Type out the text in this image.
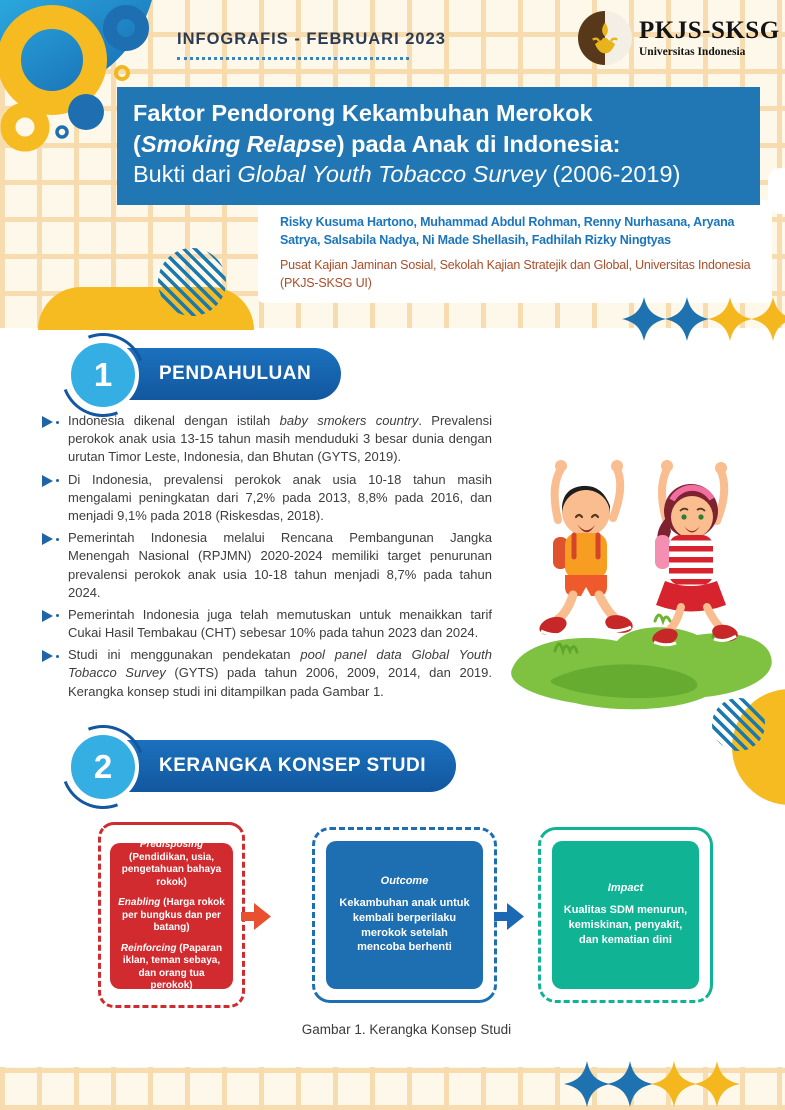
INFOGRAFIS - FEBRUARI 2023	PKJS-SKSG
Universitas Indonesia
Faktor Pendorong Kekambuhan Merokok
(Smoking Relapse) pada Anak di Indonesia:
Bukti dari Global Youth Tobacco Survey (2006-2019)
Risky Kusuma Hartono, Muhammad Abdul Rohman, Renny Nurhasana, Aryana Satrya, Salsabila Nadya, Ni Made Shellasih, Fadhilah Rizky Ningtyas
Pusat Kajian Jaminan Sosial, Sekolah Kajian Stratejik dan Global, Universitas Indonesia (PKJS-SKSG UI)
PENDAHULUAN
1
Indonesia dikenal dengan istilah baby smokers country. Prevalensi perokok anak usia 13-15 tahun masih menduduki 3 besar dunia dengan urutan Timor Leste, Indonesia, dan Bhutan (GYTS, 2019).
Di Indonesia, prevalensi perokok anak usia 10-18 tahun masih mengalami peningkatan dari 7,2% pada 2013, 8,8% pada 2016, dan menjadi 9,1% pada 2018 (Riskesdas, 2018).
Pemerintah Indonesia melalui Rencana Pembangunan Jangka Menengah Nasional (RPJMN) 2020-2024 memiliki target penurunan prevalensi perokok anak usia 10-18 tahun menjadi 8,7% pada tahun 2024.
Pemerintah Indonesia juga telah memutuskan untuk menaikkan tarif Cukai Hasil Tembakau (CHT) sebesar 10% pada tahun 2023 dan 2024.
Studi ini menggunakan pendekatan pool panel data Global Youth Tobacco Survey (GYTS) pada tahun 2006, 2009, 2014, dan 2019. Kerangka konsep studi ini ditampilkan pada Gambar 1.
KERANGKA KONSEP STUDI
2
Predisposing (Pendidikan, usia, pengetahuan bahaya rokok)
Enabling (Harga rokok per bungkus dan per batang)
Reinforcing (Paparan iklan, teman sebaya, dan orang tua perokok)
Outcome
Kekambuhan anak untuk kembali berperilaku merokok setelah mencoba berhenti
Impact
Kualitas SDM menurun, kemiskinan, penyakit, dan kematian dini
Gambar 1. Kerangka Konsep Studi
